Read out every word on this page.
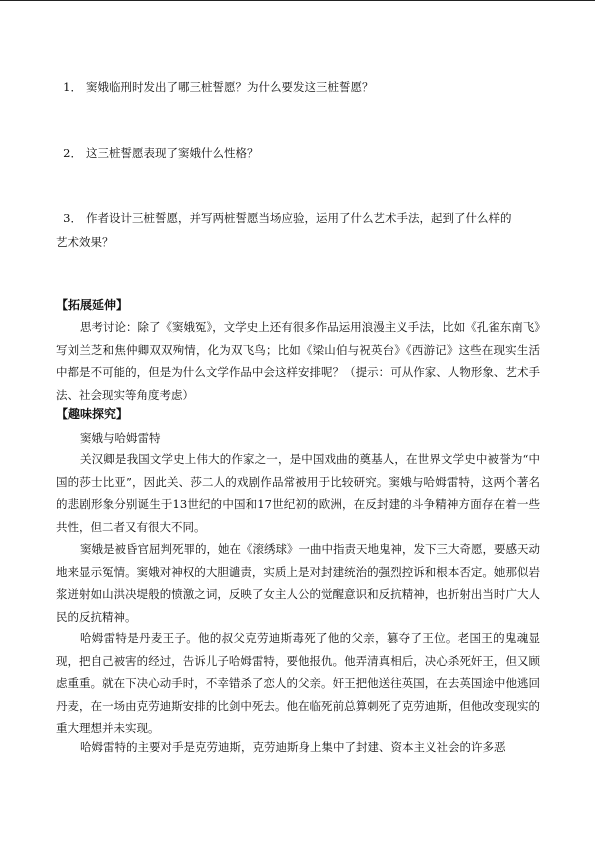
1． 窦娥临刑时发出了哪三桩誓愿？为什么要发这三桩誓愿？
2． 这三桩誓愿表现了窦娥什么性格？
3． 作者设计三桩誓愿，并写两桩誓愿当场应验，运用了什么艺术手法，起到了什么样的
艺术效果？
【拓展延伸】
思考讨论：除了《窦娥冤》，文学史上还有很多作品运用浪漫主义手法，比如《孔雀东南飞》写刘兰芝和焦仲卿双双殉情，化为双飞鸟；比如《梁山伯与祝英台》《西游记》这些在现实生活中都是不可能的，但是为什么文学作品中会这样安排呢？（提示：可从作家、人物形象、艺术手法、社会现实等角度考虑）
【趣味探究】
窦娥与哈姆雷特
关汉卿是我国文学史上伟大的作家之一，是中国戏曲的奠基人，在世界文学史中被誉为“中国的莎士比亚”，因此关、莎二人的戏剧作品常被用于比较研究。窦娥与哈姆雷特，这两个著名的悲剧形象分别诞生于13世纪的中国和17世纪初的欧洲，在反封建的斗争精神方面存在着一些共性，但二者又有很大不同。
窦娥是被昏官屈判死罪的，她在《滚绣球》一曲中指责天地鬼神，发下三大奇愿，要感天动地来显示冤情。窦娥对神权的大胆谴责，实质上是对封建统治的强烈控诉和根本否定。她那似岩浆迸射如山洪决堤般的愤激之词，反映了女主人公的觉醒意识和反抗精神，也折射出当时广大人民的反抗精神。
哈姆雷特是丹麦王子。他的叔父克劳迪斯毒死了他的父亲，篡夺了王位。老国王的鬼魂显现，把自己被害的经过，告诉儿子哈姆雷特，要他报仇。他弄清真相后，决心杀死奸王，但又顾虑重重。就在下决心动手时，不幸错杀了恋人的父亲。奸王把他送往英国，在去英国途中他逃回丹麦，在一场由克劳迪斯安排的比剑中死去。他在临死前总算刺死了克劳迪斯，但他改变现实的重大理想并未实现。
哈姆雷特的主要对手是克劳迪斯，克劳迪斯身上集中了封建、资本主义社会的许多恶
